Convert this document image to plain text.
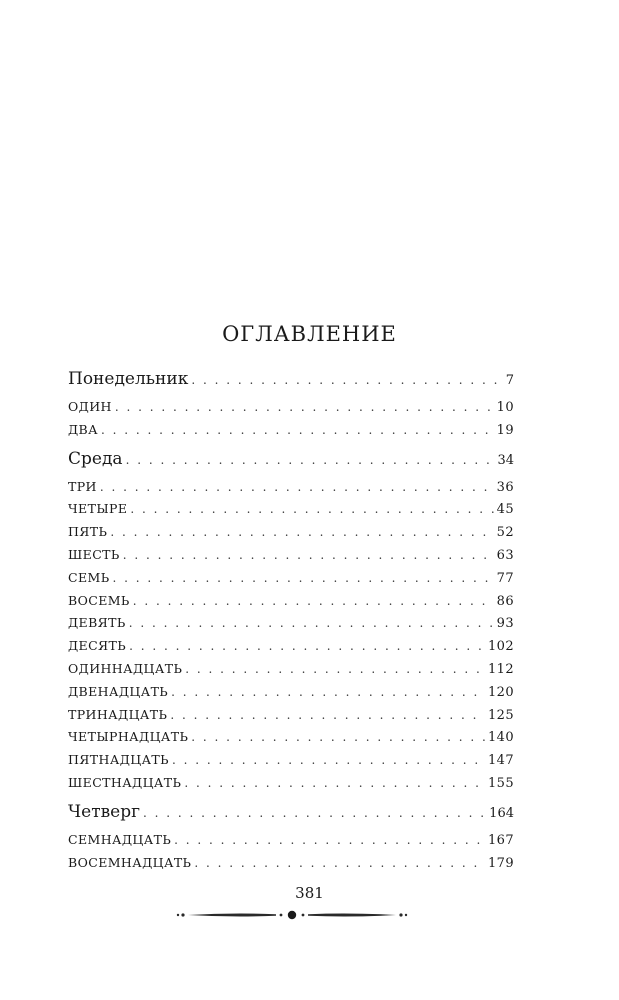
ОГЛАВЛЕНИЕ
Понедельник . . .	7
ОДИН . . .	10
ДВА . . .	19
Среда . . .	34
ТРИ . . .	36
ЧЕТЫРЕ . . .	45
ПЯТЬ . . .	52
ШЕСТЬ . . .	63
СЕМЬ . . .	77
ВОСЕМЬ . . .	86
ДЕВЯТЬ . . .	93
ДЕСЯТЬ . . .	102
ОДИННАДЦАТЬ . . .	112
ДВЕНАДЦАТЬ . . .	120
ТРИНАДЦАТЬ . . .	125
ЧЕТЫРНАДЦАТЬ . . .	140
ПЯТНАДЦАТЬ . . .	147
ШЕСТНАДЦАТЬ . . .	155
Четверг . . .	164
СЕМНАДЦАТЬ . . .	167
ВОСЕМНАДЦАТЬ . . .	179
381
